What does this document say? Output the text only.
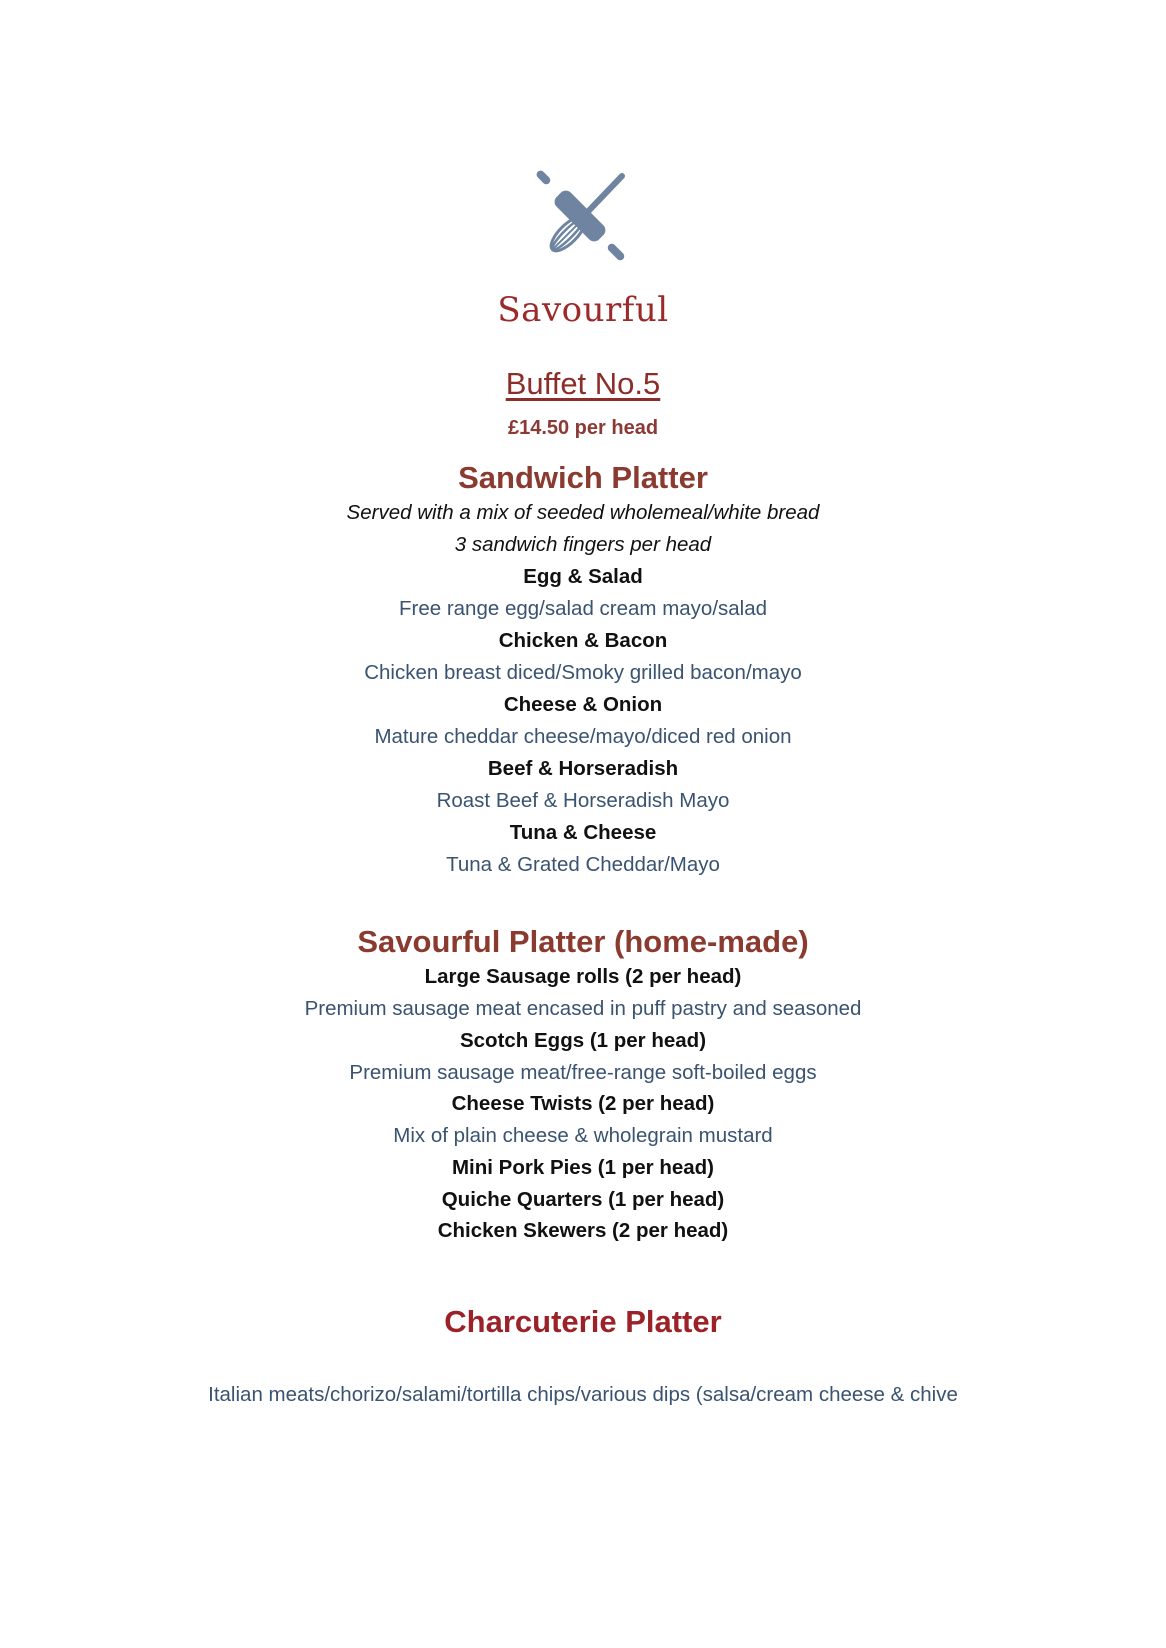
Savourful
Buffet No.5
£14.50 per head
Sandwich Platter
Served with a mix of seeded wholemeal/white bread
3 sandwich fingers per head
Egg & Salad
Free range egg/salad cream mayo/salad
Chicken & Bacon
Chicken breast diced/Smoky grilled bacon/mayo
Cheese & Onion
Mature cheddar cheese/mayo/diced red onion
Beef & Horseradish
Roast Beef & Horseradish Mayo
Tuna & Cheese
Tuna & Grated Cheddar/Mayo
Savourful Platter (home-made)
Large Sausage rolls (2 per head)
Premium sausage meat encased in puff pastry and seasoned
Scotch Eggs (1 per head)
Premium sausage meat/free-range soft-boiled eggs
Cheese Twists (2 per head)
Mix of plain cheese & wholegrain mustard
Mini Pork Pies (1 per head)
Quiche Quarters (1 per head)
Chicken Skewers (2 per head)
Charcuterie Platter
Italian meats/chorizo/salami/tortilla chips/various dips (salsa/cream cheese & chive
